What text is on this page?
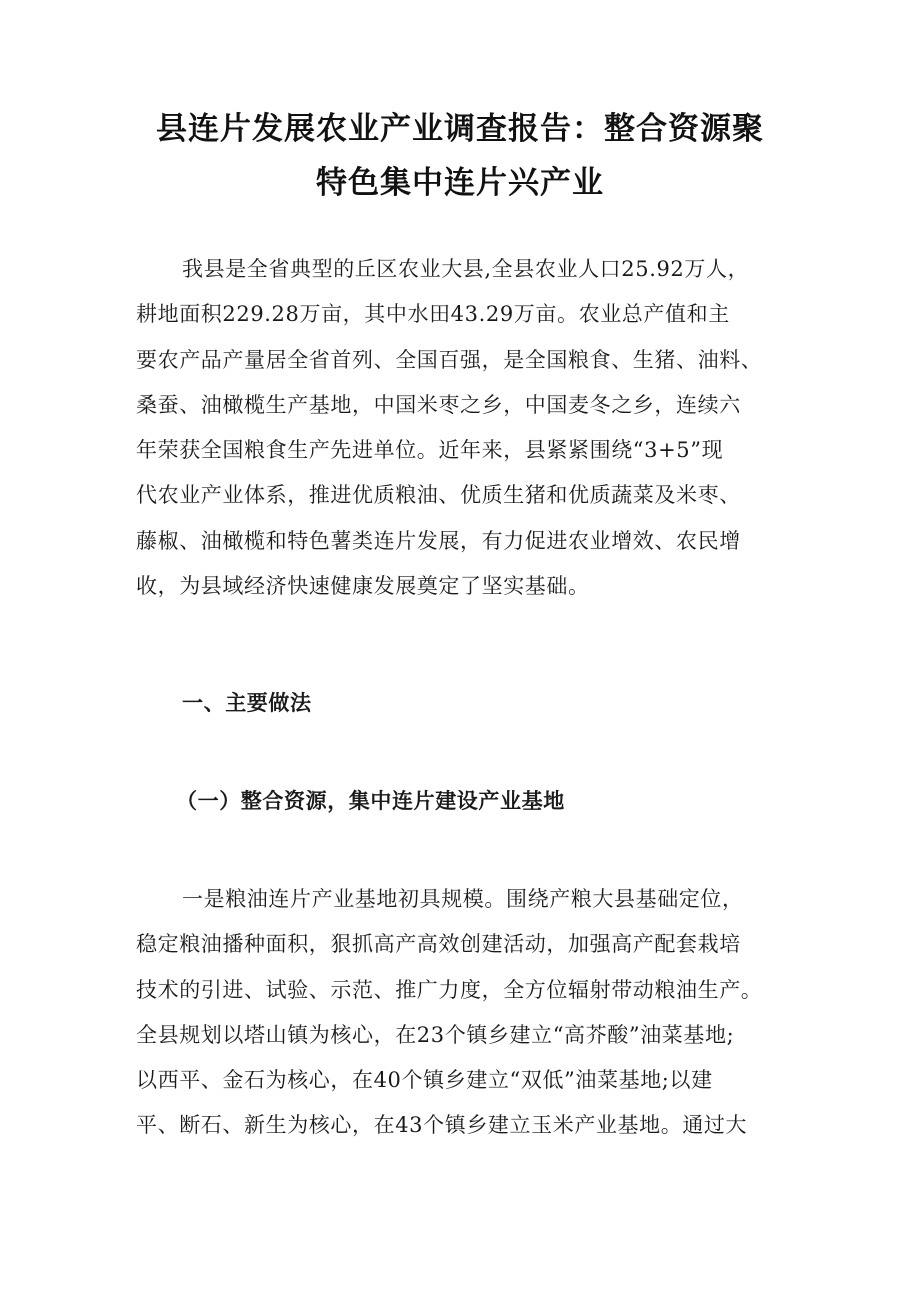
县连片发展农业产业调查报告：整合资源聚
特色集中连片兴产业

我县是全省典型的丘区农业大县,全县农业人口25.92万人，
耕地面积229.28万亩，其中水田43.29万亩。农业总产值和主
要农产品产量居全省首列、全国百强，是全国粮食、生猪、油料、
桑蚕、油橄榄生产基地，中国米枣之乡，中国麦冬之乡，连续六
年荣获全国粮食生产先进单位。近年来，县紧紧围绕“3+5”现
代农业产业体系，推进优质粮油、优质生猪和优质蔬菜及米枣、
藤椒、油橄榄和特色薯类连片发展，有力促进农业增效、农民增
收，为县域经济快速健康发展奠定了坚实基础。

一、主要做法
（一）整合资源，集中连片建设产业基地

一是粮油连片产业基地初具规模。围绕产粮大县基础定位，
稳定粮油播种面积，狠抓高产高效创建活动，加强高产配套栽培
技术的引进、试验、示范、推广力度，全方位辐射带动粮油生产。
全县规划以塔山镇为核心，在23个镇乡建立“高芥酸”油菜基地;
以西平、金石为核心，在40个镇乡建立“双低”油菜基地;以建
平、断石、新生为核心，在43个镇乡建立玉米产业基地。通过大
